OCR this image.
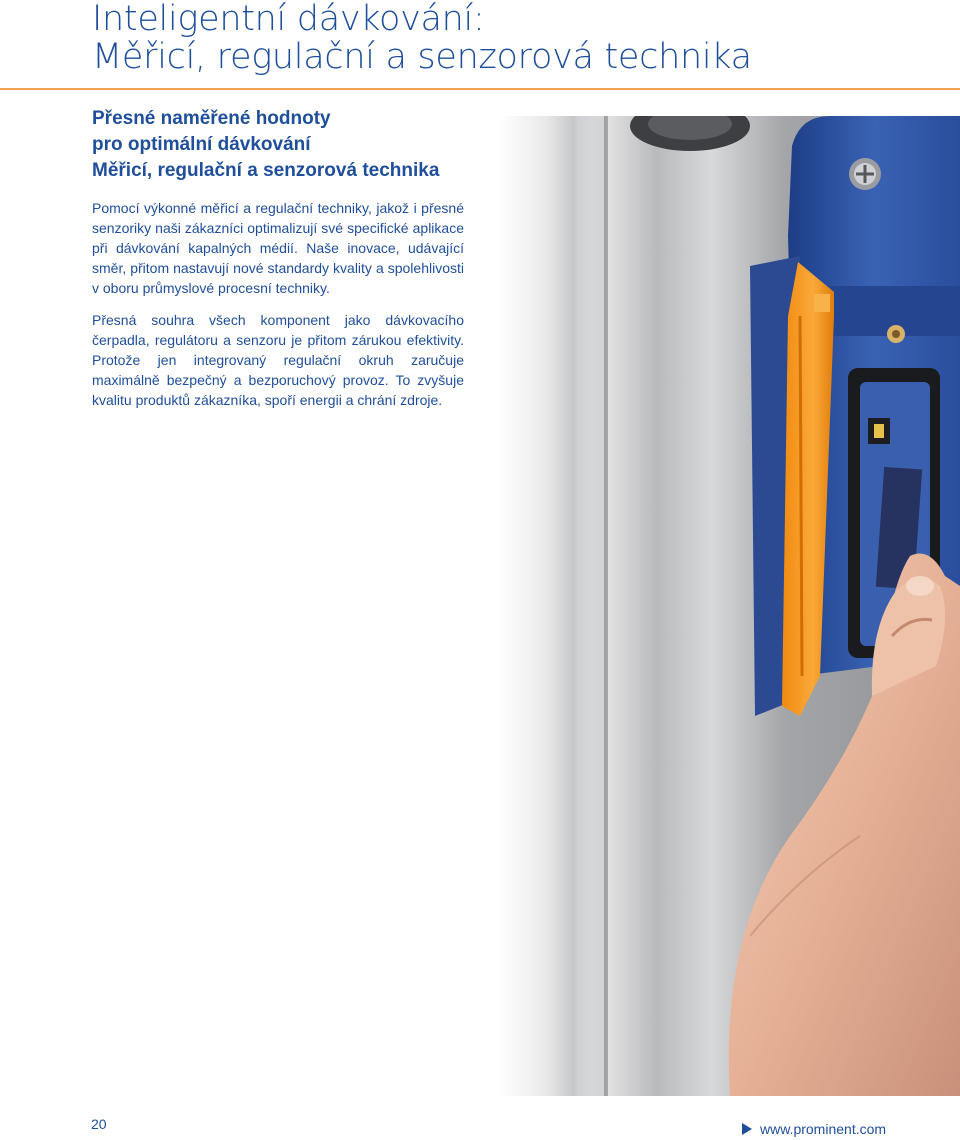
Inteligentní dávkování:
Měřicí, regulační a senzorová technika
Přesné naměřené hodnoty
pro optimální dávkování
Měřicí, regulační a senzorová technika

Pomocí výkonné měřicí a regulační techniky, jakož i přesné senzoriky naši zákazníci optimalizují své specifické aplikace při dávkování kapalných médií. Naše inovace, udávající směr, přitom nastavují nové standardy kvality a spolehlivosti v oboru průmyslové procesní techniky.

Přesná souhra všech komponent jako dávkovacího čerpadla, regulátoru a senzoru je přitom zárukou efektivity. Protože jen integrovaný regulační okruh zaručuje maximálně bezpečný a bezporuchový provoz. To zvyšuje kvalitu produktů zákazníka, spoří energii a chrání zdroje.

20	www.prominent.com
